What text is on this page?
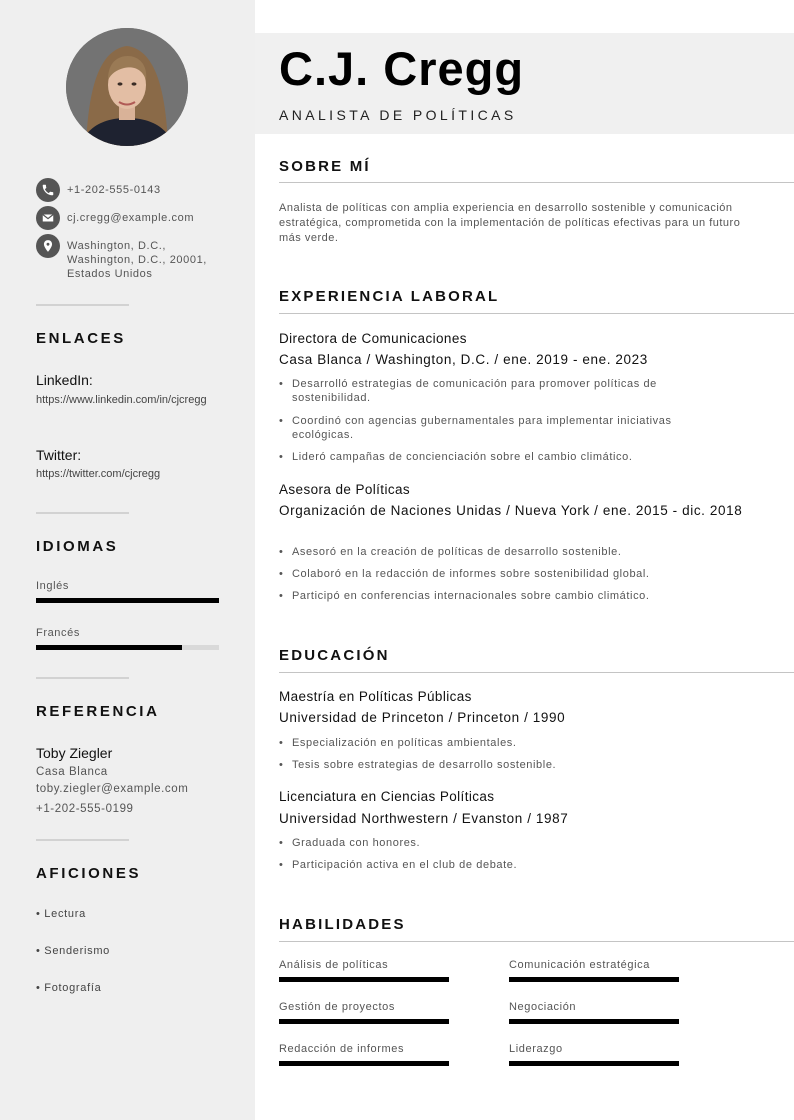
+1-202-555-0143
cj.cregg@example.com
Washington, D.C.,
Washington, D.C., 20001,
Estados Unidos
ENLACES
LinkedIn:
https://www.linkedin.com/in/cjcregg
Twitter:
https://twitter.com/cjcregg
IDIOMAS
Inglés
Francés
REFERENCIA
Toby Ziegler
Casa Blanca
toby.ziegler@example.com
+1-202-555-0199
AFICIONES
• Lectura
• Senderismo
• Fotografía
C.J. Cregg
ANALISTA DE POLÍTICAS
SOBRE MÍ
Analista de políticas con amplia experiencia en desarrollo sostenible y comunicación estratégica, comprometida con la implementación de políticas efectivas para un futuro más verde.
EXPERIENCIA LABORAL
Directora de Comunicaciones
Casa Blanca / Washington, D.C. / ene. 2019 - ene. 2023
• Desarrolló estrategias de comunicación para promover políticas de sostenibilidad.
• Coordinó con agencias gubernamentales para implementar iniciativas ecológicas.
• Lideró campañas de concienciación sobre el cambio climático.
Asesora de Políticas
Organización de Naciones Unidas / Nueva York / ene. 2015 - dic. 2018
• Asesoró en la creación de políticas de desarrollo sostenible.
• Colaboró en la redacción de informes sobre sostenibilidad global.
• Participó en conferencias internacionales sobre cambio climático.
EDUCACIÓN
Maestría en Políticas Públicas
Universidad de Princeton / Princeton / 1990
• Especialización en políticas ambientales.
• Tesis sobre estrategias de desarrollo sostenible.
Licenciatura en Ciencias Políticas
Universidad Northwestern / Evanston / 1987
• Graduada con honores.
• Participación activa en el club de debate.
HABILIDADES
Análisis de políticas	Comunicación estratégica
Gestión de proyectos	Negociación
Redacción de informes	Liderazgo
